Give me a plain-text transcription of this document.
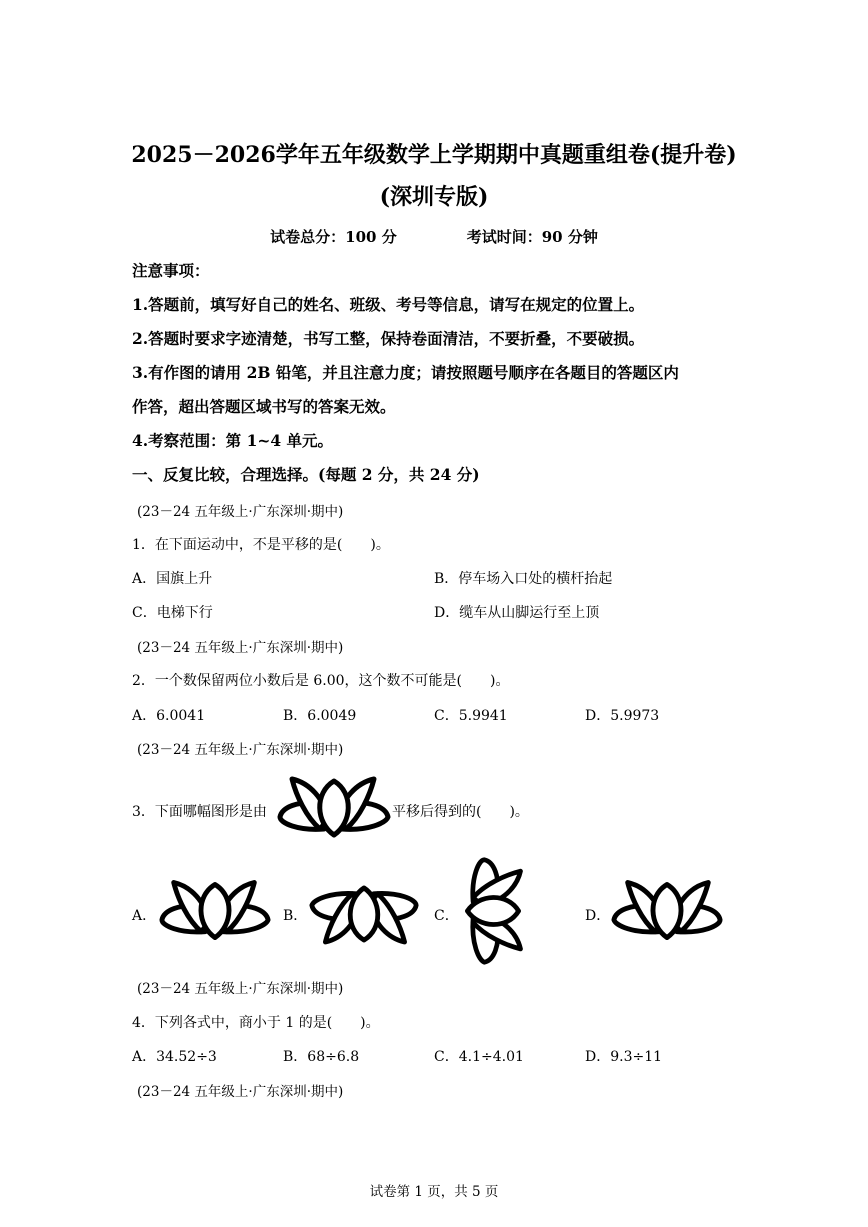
2025－2026学年五年级数学上学期期中真题重组卷(提升卷)
(深圳专版)
试卷总分：100 分	考试时间：90 分钟
注意事项：
1.答题前，填写好自己的姓名、班级、考号等信息，请写在规定的位置上。
2.答题时要求字迹清楚，书写工整，保持卷面清洁，不要折叠，不要破损。
3.有作图的请用 2B 铅笔，并且注意力度；请按照题号顺序在各题目的答题区内
作答，超出答题区域书写的答案无效。
4.考察范围：第 1~4 单元。
一、反复比较，合理选择。(每题 2 分，共 24 分)
(23－24 五年级上·广东深圳·期中)
1．在下面运动中，不是平移的是(　　)。
A．国旗上升	B．停车场入口处的横杆抬起
C．电梯下行	D．缆车从山脚运行至上顶
(23－24 五年级上·广东深圳·期中)
2．一个数保留两位小数后是 6.00，这个数不可能是(　　)。
A．6.0041	B．6.0049	C．5.9941	D．5.9973
(23－24 五年级上·广东深圳·期中)
3．下面哪幅图形是由	平移后得到的(　　)。
A．	B．	C．	D．
(23－24 五年级上·广东深圳·期中)
4．下列各式中，商小于 1 的是(　　)。
A．34.52÷3	B．68÷6.8	C．4.1÷4.01	D．9.3÷11
(23－24 五年级上·广东深圳·期中)
试卷第 1 页，共 5 页
